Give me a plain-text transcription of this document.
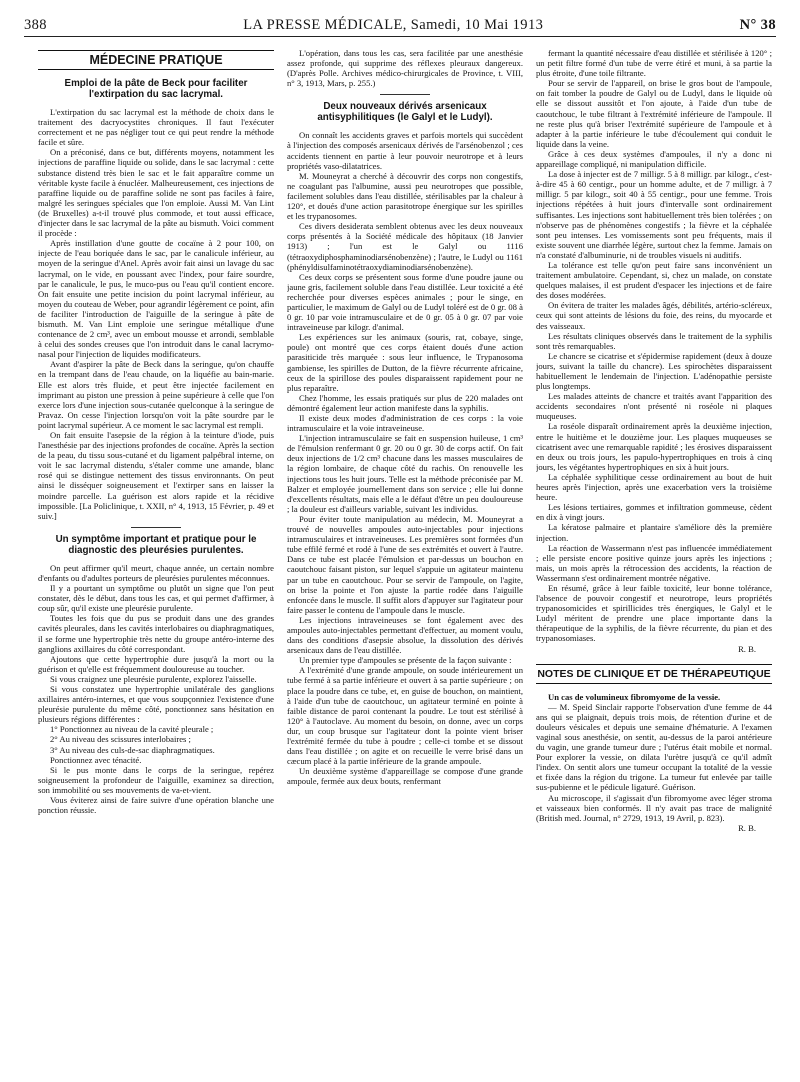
388	LA PRESSE MÉDICALE, Samedi, 10 Mai 1913	N° 38
MÉDECINE PRATIQUE
Emploi de la pâte de Beck pour faciliter l'extirpation du sac lacrymal.

L'extirpation du sac lacrymal est la méthode de choix dans le traitement des dacryocystites chroniques. Il faut l'exécuter correctement et ne pas négliger tout ce qui peut rendre la méthode facile et sûre.

On a préconisé, dans ce but, différents moyens, notamment les injections de paraffine liquide ou solide, dans le sac lacrymal : cette substance distend très bien le sac et le fait apparaître comme un véritable kyste facile à énucléer. Malheureusement, ces injections de paraffine liquide ou de paraffine solide ne sont pas faciles à faire, malgré les seringues spéciales que l'on emploie. Aussi M. Van Lint (de Bruxelles) a-t-il trouvé plus commode, et tout aussi efficace, d'injecter dans le sac lacrymal de la pâte au bismuth. Voici comment il procède :

Après instillation d'une goutte de cocaïne à 2 pour 100, on injecte de l'eau boriquée dans le sac, par le canalicule inférieur, au moyen de la seringue d'Anel. Après avoir fait ainsi un lavage du sac lacrymal, on le vide, en poussant avec l'index, pour faire sourdre, par le canalicule, le pus, le muco-pus ou l'eau qu'il contient encore. On fait ensuite une petite incision du point lacrymal inférieur, au moyen du couteau de Weber, pour agrandir légèrement ce point, afin de faciliter l'introduction de l'aiguille de la seringue à pâte de bismuth. M. Van Lint emploie une seringue métallique d'une contenance de 2 cm³, avec un embout mousse et arrondi, semblable à celui des sondes creuses que l'on introduit dans le canal lacrymo-nasal pour l'injection de liquides modificateurs.

Avant d'aspirer la pâte de Beck dans la seringue, qu'on chauffe en la trempant dans de l'eau chaude, on la liquéfie au bain-marie. Elle est alors très fluide, et peut être injectée facilement en imprimant au piston une pression à peine supérieure à celle que l'on exerce lors d'une injection sous-cutanée quelconque à la seringue de Pravaz. On cesse l'injection lorsqu'on voit la pâte sourdre par le point lacrymal supérieur. A ce moment le sac lacrymal est rempli.

On fait ensuite l'asepsie de la région à la teinture d'iode, puis l'anesthésie par des injections profondes de cocaïne. Après la section de la peau, du tissu sous-cutané et du ligament palpébral interne, on voit le sac lacrymal distendu, s'étaler comme une amande, blanc rosé qui se distingue nettement des tissus environnants. On peut ainsi le disséquer soigneusement et l'extirper sans en laisser la moindre parcelle. La guérison est alors rapide et la récidive impossible. [La Policlinique, t. XXII, n° 4, 1913, 15 Février, p. 49 et suiv.]

Un symptôme important et pratique pour le diagnostic des pleurésies purulentes.

On peut affirmer qu'il meurt, chaque année, un certain nombre d'enfants ou d'adultes porteurs de pleurésies purulentes méconnues.

Il y a pourtant un symptôme ou plutôt un signe que l'on peut constater, dès le début, dans tous les cas, et qui permet d'affirmer, à coup sûr, qu'il existe une pleurésie purulente.

Toutes les fois que du pus se produit dans une des grandes cavités pleurales, dans les cavités interlobaires ou diaphragmatiques, il se forme une hypertrophie très nette du groupe antéro-interne des ganglions axillaires du côté correspondant.

Ajoutons que cette hypertrophie dure jusqu'à la mort ou la guérison et qu'elle est fréquemment douloureuse au toucher.

Si vous craignez une pleurésie purulente, explorez l'aisselle.

Si vous constatez une hypertrophie unilatérale des ganglions axillaires antéro-internes, et que vous soupçonniez l'existence d'une pleurésie purulente du même côté, ponctionnez sans hésitation en plusieurs régions différentes :

1° Ponctionnez au niveau de la cavité pleurale ;

2° Au niveau des scissures interlobaires ;

3° Au niveau des culs-de-sac diaphragmatiques.

Ponctionnez avec ténacité.

Si le pus monte dans le corps de la seringue, repérez soigneusement la profondeur de l'aiguille, examinez sa direction, son immobilité ou ses mouvements de va-et-vient.

Vous éviterez ainsi de faire suivre d'une opération blanche une ponction réussie.

L'opération, dans tous les cas, sera facilitée par une anesthésie assez profonde, qui supprime des réflexes pleuraux dangereux. (D'après Polle. Archives médico-chirurgicales de Province, t. VIII, n° 3, 1913, Mars, p. 255.)

Deux nouveaux dérivés arsenicaux antisyphilitiques (le Galyl et le Ludyl).

On connaît les accidents graves et parfois mortels qui succèdent à l'injection des composés arsenicaux dérivés de l'arsénobenzol ; ces accidents tiennent en partie à leur pouvoir neurotrope et à leurs propriétés vaso-dilatatrices.

M. Mouneyrat a cherché à découvrir des corps non congestifs, ne coagulant pas l'albumine, aussi peu neurotropes que possible, facilement solubles dans l'eau distillée, stérilisables par la chaleur à 120°, et doués d'une action parasitotrope énergique sur les spirilles et les trypanosomes.

Ces divers desiderata semblent obtenus avec les deux nouveaux corps présentés à la Société médicale des hôpitaux (18 Janvier 1913) ; l'un est le Galyl ou 1116 (tétraoxydiphosphaminodiarsénobenzène) ; l'autre, le Ludyl ou 1161 (phényldisulfaminotétraoxydiaminodiarsénobenzène).

Ces deux corps se présentent sous forme d'une poudre jaune ou jaune gris, facilement soluble dans l'eau distillée. Leur toxicité a été recherchée pour diverses espèces animales ; pour le singe, en particulier, le maximum de Galyl ou de Ludyl toléré est de 0 gr. 08 à 0 gr. 10 par voie intramusculaire et de 0 gr. 05 à 0 gr. 07 par voie intraveineuse par kilogr. d'animal.

Les expériences sur les animaux (souris, rat, cobaye, singe, poule) ont montré que ces corps étaient doués d'une action parasiticide très marquée : sous leur influence, le Trypanosoma gambiense, les spirilles de Dutton, de la fièvre récurrente africaine, ceux de la spirillose des poules disparaissent rapidement pour ne plus reparaître.

Chez l'homme, les essais pratiqués sur plus de 220 malades ont démontré également leur action manifeste dans la syphilis.

Il existe deux modes d'administration de ces corps : la voie intramusculaire et la voie intraveineuse.

L'injection intramusculaire se fait en suspension huileuse, 1 cm³ de l'émulsion renfermant 0 gr. 20 ou 0 gr. 30 de corps actif. On fait deux injections de 1/2 cm³ chacune dans les masses musculaires de la région lombaire, de chaque côté du rachis. On renouvelle les injections tous les huit jours. Telle est la méthode préconisée par M. Balzer et employée journellement dans son service ; elle lui donne d'excellents résultats, mais elle a le défaut d'être un peu douloureuse ; la douleur est d'ailleurs variable, suivant les individus.

Pour éviter toute manipulation au médecin, M. Mouneyrat a trouvé de nouvelles ampoules auto-injectables pour injections intramusculaires et intraveineuses. Les premières sont formées d'un tube effilé fermé et rodé à l'une de ses extrémités et ouvert à l'autre. Dans ce tube est placée l'émulsion et par-dessus un bouchon en caoutchouc faisant piston, sur lequel s'appuie un agitateur maintenu par un tube en caoutchouc. Pour se servir de l'ampoule, on l'agite, on brise la pointe et l'on ajuste la partie rodée dans l'aiguille enfoncée dans le muscle. Il suffit alors d'appuyer sur l'agitateur pour faire passer le contenu de l'ampoule dans le muscle.

Les injections intraveineuses se font également avec des ampoules auto-injectables permettant d'effectuer, au moment voulu, dans des conditions d'asepsie absolue, la dissolution des dérivés arsenicaux dans de l'eau distillée.

Un premier type d'ampoules se présente de la façon suivante :

A l'extrémité d'une grande ampoule, on soude intérieurement un tube fermé à sa partie inférieure et ouvert à sa partie supérieure ; on place la poudre dans ce tube, et, en guise de bouchon, on maintient, à l'aide d'un tube de caoutchouc, un agitateur terminé en pointe à faible distance de paroi contenant la poudre. Le tout est stérilisé à 120° à l'autoclave. Au moment du besoin, on donne, avec un corps dur, un coup brusque sur l'agitateur dont la pointe vient briser l'extrémité fermée du tube à poudre ; celle-ci tombe et se dissout dans l'eau distillée ; on agite et on recueille le verre brisé dans un cæcum placé à la partie inférieure de la grande ampoule.

Un deuxième système d'appareillage se compose d'une grande ampoule, fermée aux deux bouts, renfermant

fermant la quantité nécessaire d'eau distillée et stérilisée à 120° ; un petit filtre formé d'un tube de verre étiré et muni, à sa partie la plus étroite, d'une toile filtrante.

Pour se servir de l'appareil, on brise le gros bout de l'ampoule, on fait tomber la poudre de Galyl ou de Ludyl, dans le liquide où elle se dissout aussitôt et l'on ajoute, à l'aide d'un tube de caoutchouc, le tube filtrant à l'extrémité inférieure de l'ampoule. Il ne reste plus qu'à briser l'extrémité supérieure de l'ampoule et à adapter à la partie inférieure le tube d'écoulement qui conduit le liquide dans la veine.

Grâce à ces deux systèmes d'ampoules, il n'y a donc ni appareillage compliqué, ni manipulation difficile.

La dose à injecter est de 7 milligr. 5 à 8 milligr. par kilogr., c'est-à-dire 45 à 60 centigr., pour un homme adulte, et de 7 milligr. à 7 milligr. 5 par kilogr., soit 40 à 55 centigr., pour une femme. Trois injections répétées à huit jours d'intervalle sont ordinairement suffisantes. Les injections sont habituellement très bien tolérées ; on n'observe pas de phénomènes congestifs ; la fièvre et la céphalée sont peu intenses. Les vomissements sont peu fréquents, mais il existe souvent une diarrhée légère, surtout chez la femme. Jamais on n'a constaté d'albuminurie, ni de troubles visuels ni auditifs.

La tolérance est telle qu'on peut faire sans inconvénient un traitement ambulatoire. Cependant, si, chez un malade, on constate quelques malaises, il est prudent d'espacer les injections et de faire des doses modérées.

On évitera de traiter les malades âgés, débilités, artério-scléreux, ceux qui sont atteints de lésions du foie, des reins, du myocarde et des vaisseaux.

Les résultats cliniques observés dans le traitement de la syphilis sont très remarquables.

Le chancre se cicatrise et s'épidermise rapidement (deux à douze jours, suivant la taille du chancre). Les spirochètes disparaissent habituellement le lendemain de l'injection. L'adénopathie persiste plus longtemps.

Les malades atteints de chancre et traités avant l'apparition des accidents secondaires n'ont présenté ni roséole ni plaques muqueuses.

La roséole disparaît ordinairement après la deuxième injection, entre le huitième et le douzième jour. Les plaques muqueuses se cicatrisent avec une remarquable rapidité ; les érosives disparaissent en deux ou trois jours, les papulo-hypertrophiques en trois à cinq jours, les végétantes hypertrophiques en six à huit jours.

La céphalée syphilitique cesse ordinairement au bout de huit heures après l'injection, après une exacerbation vers la troisième heure.

Les lésions tertiaires, gommes et infiltration gommeuse, cèdent en dix à vingt jours.

La kératose palmaire et plantaire s'améliore dès la première injection.

La réaction de Wassermann n'est pas influencée immédiatement ; elle persiste encore positive quinze jours après les injections ; mais, un mois après la rétrocession des accidents, la réaction de Wassermann s'est ordinairement montrée négative.

En résumé, grâce à leur faible toxicité, leur bonne tolérance, l'absence de pouvoir congestif et neurotrope, leurs propriétés trypanosomicides et spirillicides très énergiques, le Galyl et le Ludyl méritent de prendre une place importante dans la thérapeutique de la syphilis, de la fièvre récurrente, du pian et des trypanosomiases.

R. B.
NOTES DE CLINIQUE ET DE THÉRAPEUTIQUE

Un cas de volumineux fibromyome de la vessie.

— M. Speid Sinclair rapporte l'observation d'une femme de 44 ans qui se plaignait, depuis trois mois, de rétention d'urine et de douleurs vésicales et depuis une semaine d'hématurie. A l'examen vaginal sous anesthésie, on sentit, au-dessus de la paroi antérieure du vagin, une grande tumeur dure ; l'utérus était mobile et normal. Pour explorer la vessie, on dilata l'urètre jusqu'à ce qu'il admît l'index. On sentit alors une tumeur occupant la totalité de la vessie et fixée dans la région du trigone. La tumeur fut enlevée par taille sus-pubienne et le pédicule ligaturé. Guérison.

Au microscope, il s'agissait d'un fibromyome avec léger stroma et vaisseaux bien conformés. Il n'y avait pas trace de malignité (British med. Journal, n° 2729, 1913, 19 Avril, p. 823).

R. B.
